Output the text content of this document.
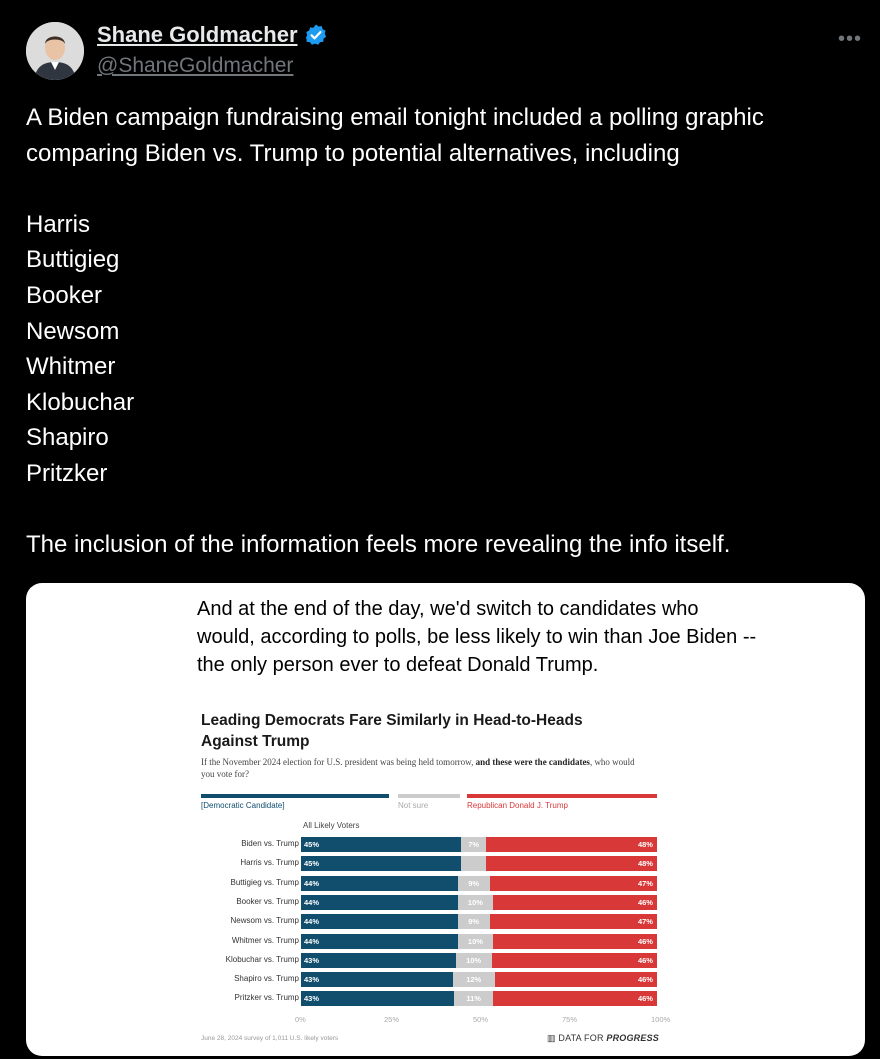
Shane Goldmacher
@ShaneGoldmacher
•••

A Biden campaign fundraising email tonight included a polling graphic comparing Biden vs. Trump to potential alternatives, including

Harris

Buttigieg

Booker

Newsom

Whitmer

Klobuchar

Shapiro

Pritzker

The inclusion of the information feels more revealing the info itself.

And at the end of the day, we'd switch to candidates who would, according to polls, be less likely to win than Joe Biden -- the only person ever to defeat Donald Trump.
Leading Democrats Fare Similarly in Head-to-Heads Against Trump
If the November 2024 election for U.S. president was being held tomorrow, and these were the candidates, who would you vote for?
[Democratic Candidate]	Not sure	Republican Donald J. Trump
All Likely Voters
Biden vs. Trump 45%	7%	48%
Harris vs. Trump 45%	48%
Buttigieg vs. Trump 44%	9%	47%
Booker vs. Trump 44%	10%	46%
Newsom vs. Trump 44%	9%	47%
Whitmer vs. Trump 44%	10%	46%
Klobuchar vs. Trump 43%	10%	46%
Shapiro vs. Trump 43%	12%	46%
Pritzker vs. Trump 43%	11%	46%
0%	25%	50%	75%	100%
June 28, 2024 survey of 1,011 U.S. likely voters	▥ DATA FOR PROGRESS
